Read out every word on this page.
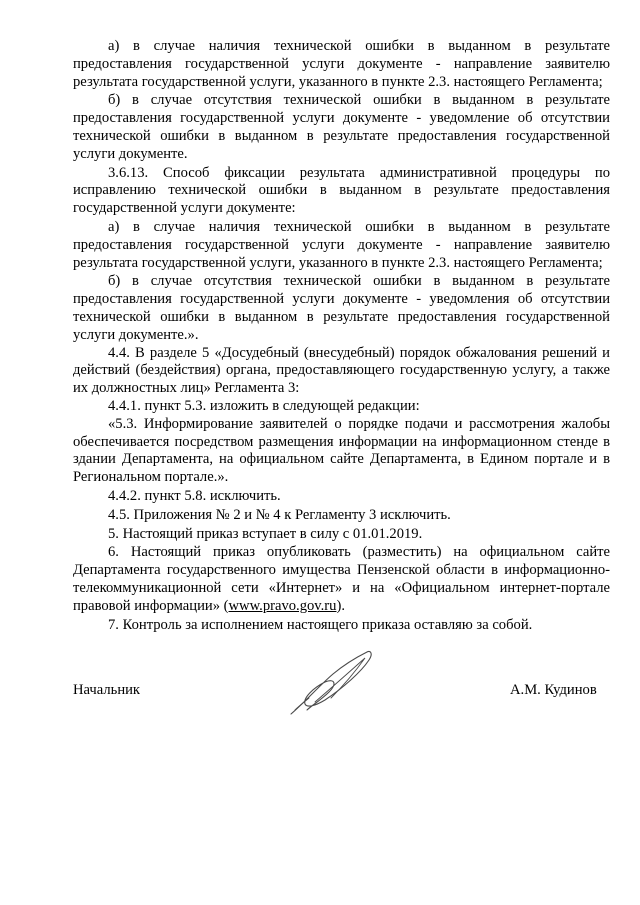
а) в случае наличия технической ошибки в выданном в результате предоставления государственной услуги документе - направление заявителю результата государственной услуги, указанного в пункте 2.3. настоящего Регламента;

б) в случае отсутствия технической ошибки в выданном в результате предоставления государственной услуги документе - уведомление об отсутствии технической ошибки в выданном в результате предоставления государственной услуги документе.

3.6.13. Способ фиксации результата административной процедуры по исправлению технической ошибки в выданном в результате предоставления государственной услуги документе:

а) в случае наличия технической ошибки в выданном в результате предоставления государственной услуги документе - направление заявителю результата государственной услуги, указанного в пункте 2.3. настоящего Регламента;

б) в случае отсутствия технической ошибки в выданном в результате предоставления государственной услуги документе - уведомления об отсутствии технической ошибки в выданном в результате предоставления государственной услуги документе.».

4.4. В разделе 5 «Досудебный (внесудебный) порядок обжалования решений и действий (бездействия) органа, предоставляющего государственную услугу, а также их должностных лиц» Регламента 3:

4.4.1. пункт 5.3. изложить в следующей редакции:

«5.3. Информирование заявителей о порядке подачи и рассмотрения жалобы обеспечивается посредством размещения информации на информационном стенде в здании Департамента, на официальном сайте Департамента, в Едином портале и в Региональном портале.».

4.4.2. пункт 5.8. исключить.

4.5. Приложения № 2 и № 4 к Регламенту 3 исключить.

5. Настоящий приказ вступает в силу с 01.01.2019.

6. Настоящий приказ опубликовать (разместить) на официальном сайте Департамента государственного имущества Пензенской области в информационно-телекоммуникационной сети «Интернет» и на «Официальном интернет-портале правовой информации» (www.pravo.gov.ru).

7. Контроль за исполнением настоящего приказа оставляю за собой.

Начальник	А.М. Кудинов
